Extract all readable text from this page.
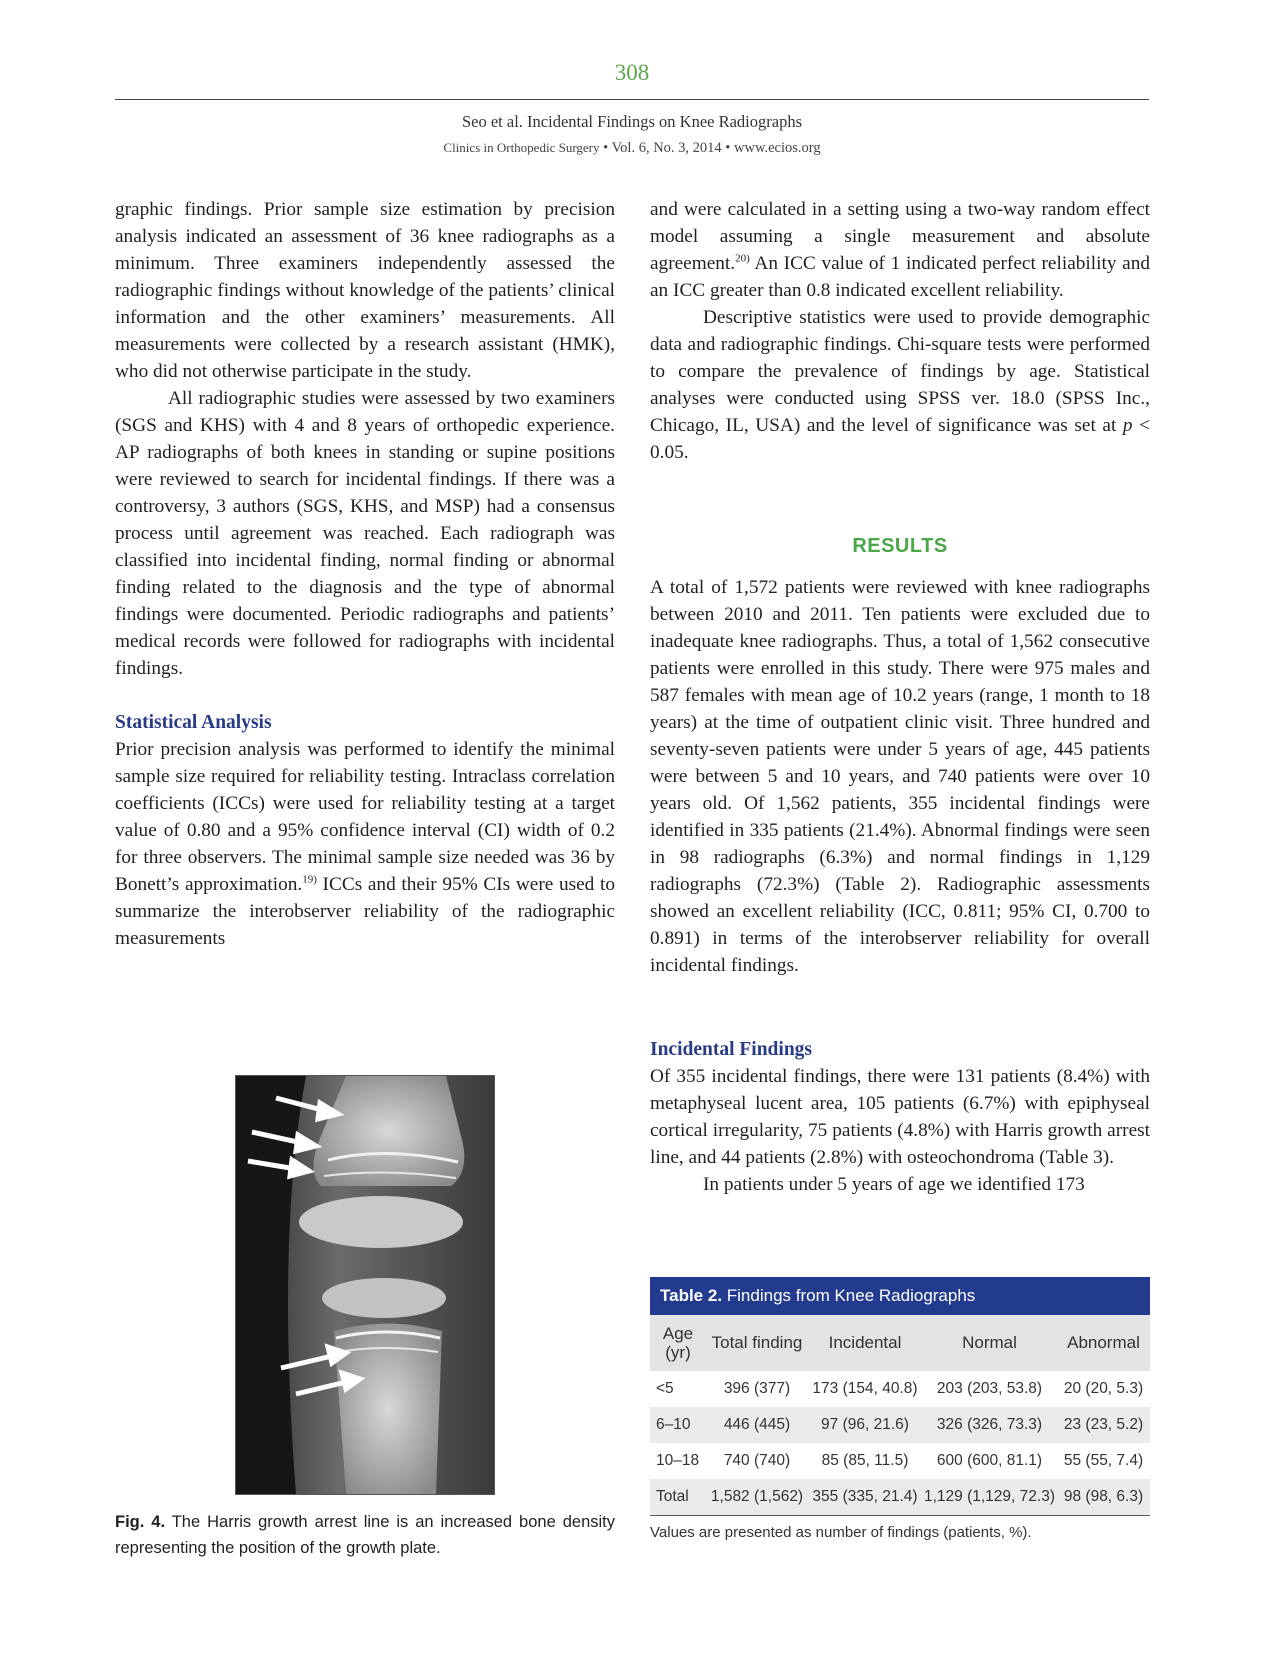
308
Seo et al. Incidental Findings on Knee Radiographs
Clinics in Orthopedic Surgery • Vol. 6, No. 3, 2014 • www.ecios.org

graphic findings. Prior sample size estimation by precision analysis indicated an assessment of 36 knee radiographs as a minimum. Three examiners independently assessed the radiographic findings without knowledge of the patients’ clinical information and the other examiners’ measurements. All measurements were collected by a research assistant (HMK), who did not otherwise participate in the study.

All radiographic studies were assessed by two examiners (SGS and KHS) with 4 and 8 years of orthopedic experience. AP radiographs of both knees in standing or supine positions were reviewed to search for incidental findings. If there was a controversy, 3 authors (SGS, KHS, and MSP) had a consensus process until agreement was reached. Each radiograph was classified into incidental finding, normal finding or abnormal finding related to the diagnosis and the type of abnormal findings were documented. Periodic radiographs and patients’ medical records were followed for radiographs with incidental findings.

Statistical Analysis

Prior precision analysis was performed to identify the minimal sample size required for reliability testing. Intraclass correlation coefficients (ICCs) were used for reliability testing at a target value of 0.80 and a 95% confidence interval (CI) width of 0.2 for three observers. The minimal sample size needed was 36 by Bonett’s approximation.$^{19)}$ ICCs and their 95% CIs were used to summarize the interobserver reliability of the radiographic measurements

and were calculated in a setting using a two-way random effect model assuming a single measurement and absolute agreement.$^{20)}$ An ICC value of 1 indicated perfect reliability and an ICC greater than 0.8 indicated excellent reliability.

Descriptive statistics were used to provide demographic data and radiographic findings. Chi-square tests were performed to compare the prevalence of findings by age. Statistical analyses were conducted using SPSS ver. 18.0 (SPSS Inc., Chicago, IL, USA) and the level of significance was set at p < 0.05.

RESULTS

A total of 1,572 patients were reviewed with knee radiographs between 2010 and 2011. Ten patients were excluded due to inadequate knee radiographs. Thus, a total of 1,562 consecutive patients were enrolled in this study. There were 975 males and 587 females with mean age of 10.2 years (range, 1 month to 18 years) at the time of outpatient clinic visit. Three hundred and seventy-seven patients were under 5 years of age, 445 patients were between 5 and 10 years, and 740 patients were over 10 years old. Of 1,562 patients, 355 incidental findings were identified in 335 patients (21.4%). Abnormal findings were seen in 98 radiographs (6.3%) and normal findings in 1,129 radiographs (72.3%) (Table 2). Radiographic assessments showed an excellent reliability (ICC, 0.811; 95% CI, 0.700 to 0.891) in terms of the interobserver reliability for overall incidental findings.

Incidental Findings

Of 355 incidental findings, there were 131 patients (8.4%) with metaphyseal lucent area, 105 patients (6.7%) with epiphyseal cortical irregularity, 75 patients (4.8%) with Harris growth arrest line, and 44 patients (2.8%) with osteochondroma (Table 3).

In patients under 5 years of age we identified 173

Fig. 4. The Harris growth arrest line is an increased bone density representing the position of the growth plate.
Table 2. Findings from Knee Radiographs
Age (yr)	Total finding	Incidental	Normal	Abnormal
<5	396 (377)	173 (154, 40.8)	203 (203, 53.8)	20 (20, 5.3)
6–10	446 (445)	97 (96, 21.6)	326 (326, 73.3)	23 (23, 5.2)
10–18	740 (740)	85 (85, 11.5)	600 (600, 81.1)	55 (55, 7.4)
Total	1,582 (1,562)	355 (335, 21.4)	1,129 (1,129, 72.3)	98 (98, 6.3)
Values are presented as number of findings (patients, %).
